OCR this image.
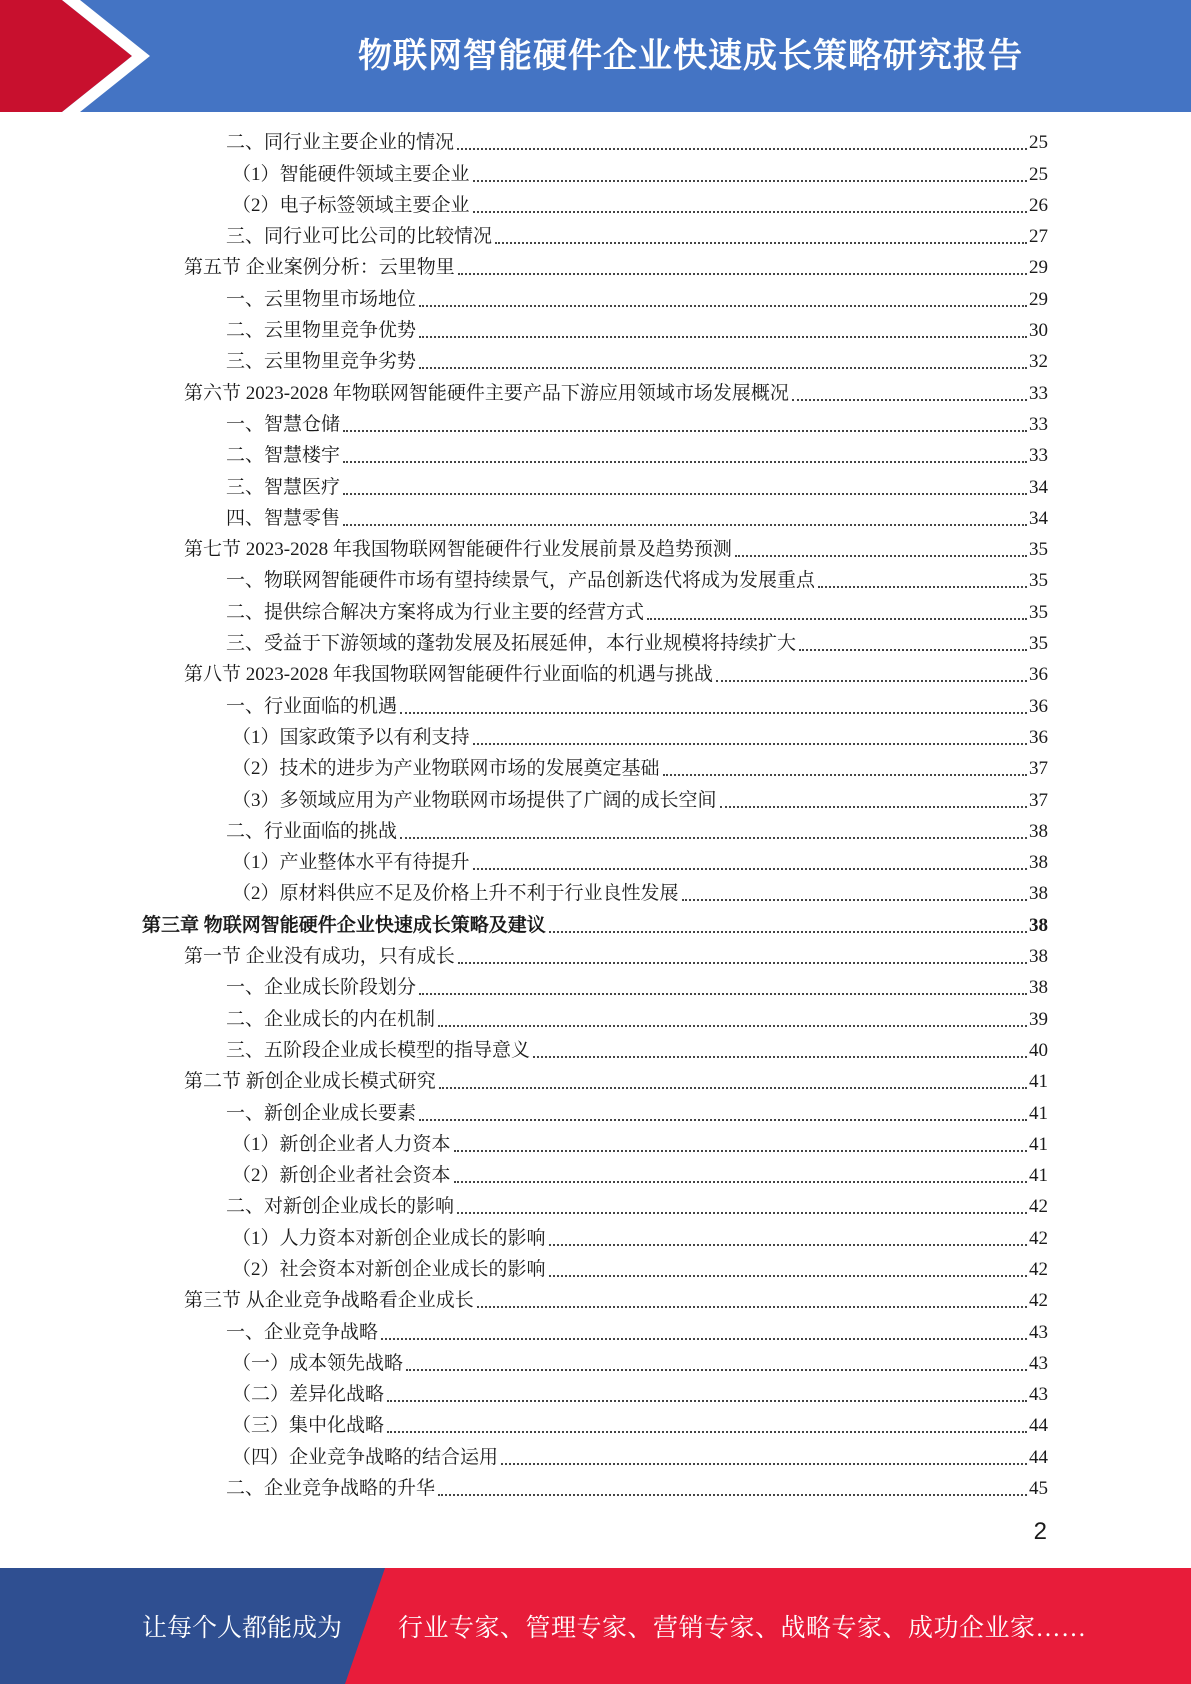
物联网智能硬件企业快速成长策略研究报告
二、同行业主要企业的情况	25
（1）智能硬件领域主要企业	25
（2）电子标签领域主要企业	26
三、同行业可比公司的比较情况	27
第五节 企业案例分析：云里物里	29
一、云里物里市场地位	29
二、云里物里竞争优势	30
三、云里物里竞争劣势	32
第六节 2023-2028 年物联网智能硬件主要产品下游应用领域市场发展概况	33
一、智慧仓储	33
二、智慧楼宇	33
三、智慧医疗	34
四、智慧零售	34
第七节 2023-2028 年我国物联网智能硬件行业发展前景及趋势预测	35
一、物联网智能硬件市场有望持续景气，产品创新迭代将成为发展重点	35
二、提供综合解决方案将成为行业主要的经营方式	35
三、受益于下游领域的蓬勃发展及拓展延伸，本行业规模将持续扩大	35
第八节 2023-2028 年我国物联网智能硬件行业面临的机遇与挑战	36
一、行业面临的机遇	36
（1）国家政策予以有利支持	36
（2）技术的进步为产业物联网市场的发展奠定基础	37
（3）多领域应用为产业物联网市场提供了广阔的成长空间	37
二、行业面临的挑战	38
（1）产业整体水平有待提升	38
（2）原材料供应不足及价格上升不利于行业良性发展	38
第三章 物联网智能硬件企业快速成长策略及建议	38
第一节 企业没有成功，只有成长	38
一、企业成长阶段划分	38
二、企业成长的内在机制	39
三、五阶段企业成长模型的指导意义	40
第二节 新创企业成长模式研究	41
一、新创企业成长要素	41
（1）新创企业者人力资本	41
（2）新创企业者社会资本	41
二、对新创企业成长的影响	42
（1）人力资本对新创企业成长的影响	42
（2）社会资本对新创企业成长的影响	42
第三节 从企业竞争战略看企业成长	42
一、企业竞争战略	43
（一）成本领先战略	43
（二）差异化战略	43
（三）集中化战略	44
（四）企业竞争战略的结合运用	44
二、企业竞争战略的升华	45
2
让每个人都能成为 行业专家、管理专家、营销专家、战略专家、成功企业家……
